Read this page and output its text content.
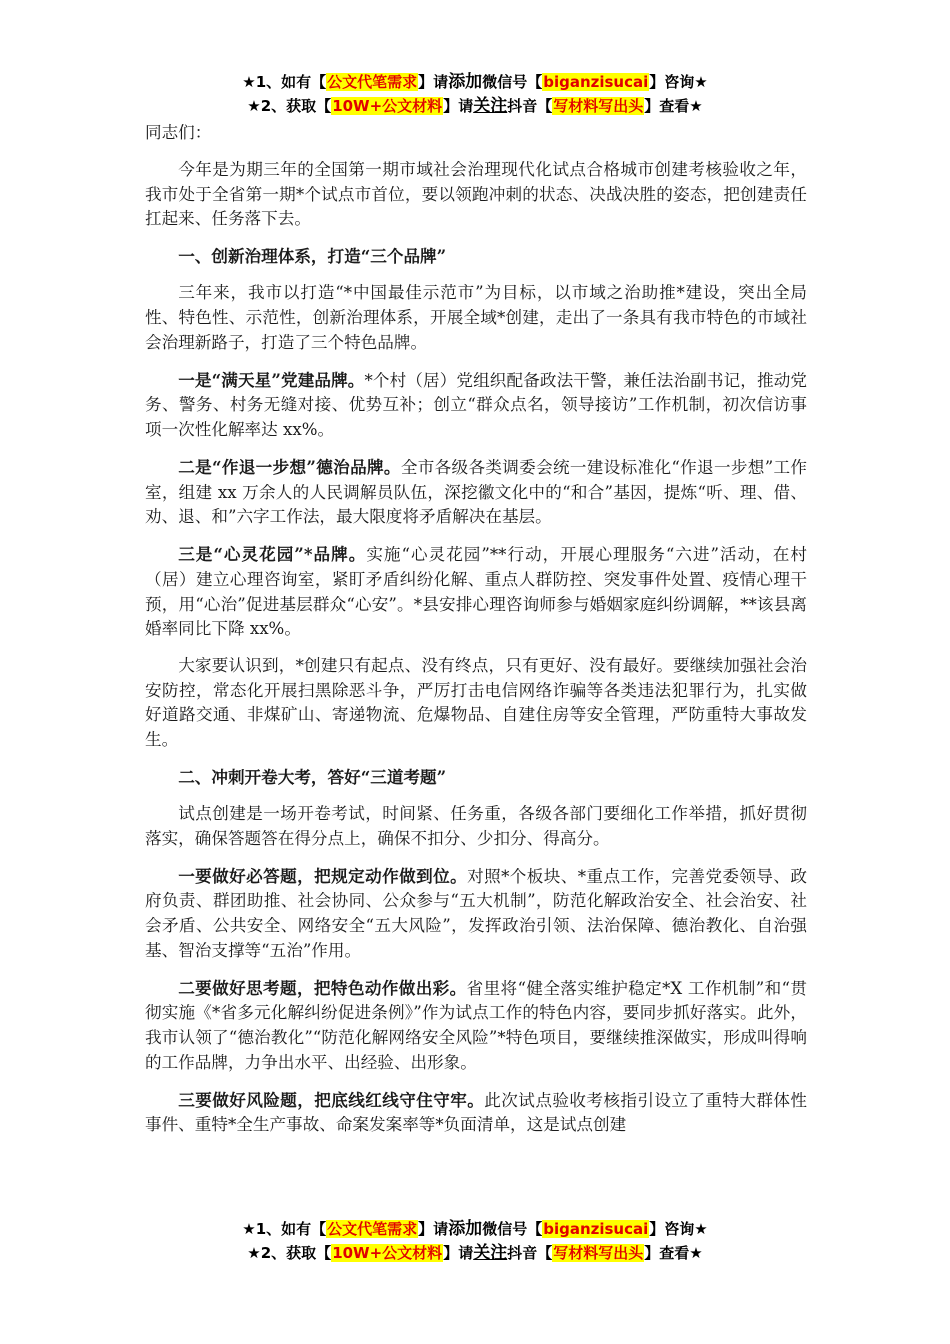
★1、如有【公文代笔需求】请添加微信号【biganzisucai】咨询★
★2、获取【10W+公文材料】请关注抖音【写材料写出头】查看★

同志们：

今年是为期三年的全国第一期市域社会治理现代化试点合格城市创建考核验收之年，我市处于全省第一期*个试点市首位，要以领跑冲刺的状态、决战决胜的姿态，把创建责任扛起来、任务落下去。

一、创新治理体系，打造“三个品牌”

三年来，我市以打造“*中国最佳示范市”为目标，以市域之治助推*建设，突出全局性、特色性、示范性，创新治理体系，开展全域*创建，走出了一条具有我市特色的市域社会治理新路子，打造了三个特色品牌。

一是“满天星”党建品牌。*个村（居）党组织配备政法干警，兼任法治副书记，推动党务、警务、村务无缝对接、优势互补；创立“群众点名，领导接访”工作机制，初次信访事项一次性化解率达 xx%。

二是“作退一步想”德治品牌。全市各级各类调委会统一建设标准化“作退一步想”工作室，组建 xx 万余人的人民调解员队伍，深挖徽文化中的“和合”基因，提炼“听、理、借、劝、退、和”六字工作法，最大限度将矛盾解决在基层。

三是“心灵花园”*品牌。实施“心灵花园”**行动，开展心理服务“六进”活动，在村（居）建立心理咨询室，紧盯矛盾纠纷化解、重点人群防控、突发事件处置、疫情心理干预，用“心治”促进基层群众“心安”。*县安排心理咨询师参与婚姻家庭纠纷调解，**该县离婚率同比下降 xx%。

大家要认识到，*创建只有起点、没有终点，只有更好、没有最好。要继续加强社会治安防控，常态化开展扫黑除恶斗争，严厉打击电信网络诈骗等各类违法犯罪行为，扎实做好道路交通、非煤矿山、寄递物流、危爆物品、自建住房等安全管理，严防重特大事故发生。

二、冲刺开卷大考，答好“三道考题”

试点创建是一场开卷考试，时间紧、任务重，各级各部门要细化工作举措，抓好贯彻落实，确保答题答在得分点上，确保不扣分、少扣分、得高分。

一要做好必答题，把规定动作做到位。对照*个板块、*重点工作，完善党委领导、政府负责、群团助推、社会协同、公众参与“五大机制”，防范化解政治安全、社会治安、社会矛盾、公共安全、网络安全“五大风险”，发挥政治引领、法治保障、德治教化、自治强基、智治支撑等“五治”作用。

二要做好思考题，把特色动作做出彩。省里将“健全落实维护稳定*X 工作机制”和“贯彻实施《*省多元化解纠纷促进条例》”作为试点工作的特色内容，要同步抓好落实。此外，我市认领了“德治教化”“防范化解网络安全风险”*特色项目，要继续推深做实，形成叫得响的工作品牌，力争出水平、出经验、出形象。

三要做好风险题，把底线红线守住守牢。此次试点验收考核指引设立了重特大群体性事件、重特*全生产事故、命案发案率等*负面清单，这是试点创建

★1、如有【公文代笔需求】请添加微信号【biganzisucai】咨询★
★2、获取【10W+公文材料】请关注抖音【写材料写出头】查看★
